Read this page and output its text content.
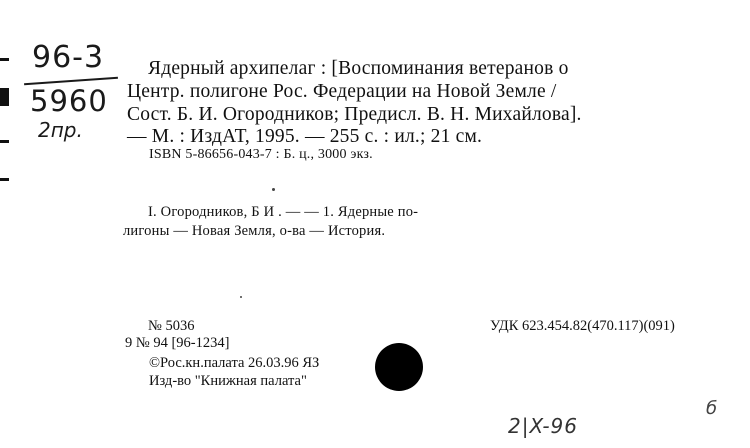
96-3
5960
2пр.
Ядерный архипелаг : [Воспоминания ветеранов о
Центр. полигоне Рос. Федерации на Новой Земле /
Сост. Б. И. Огородников; Предисл. В. Н. Михайлова].
— М. : ИздАТ, 1995. — 255 с. : ил.; 21 см.
ISBN 5-86656-043-7 : Б. ц., 3000 экз.
I. Огородников, Б И . — — 1. Ядерные по-
лигоны — Новая Земля, о-ва — История.
№ 5036	УДК 623.454.82(470.117)(091)
9 № 94 [96-1234]
©Рос.кн.палата 26.03.96 ЯЗ
Изд-во "Книжная палата"
2|X-96
б
